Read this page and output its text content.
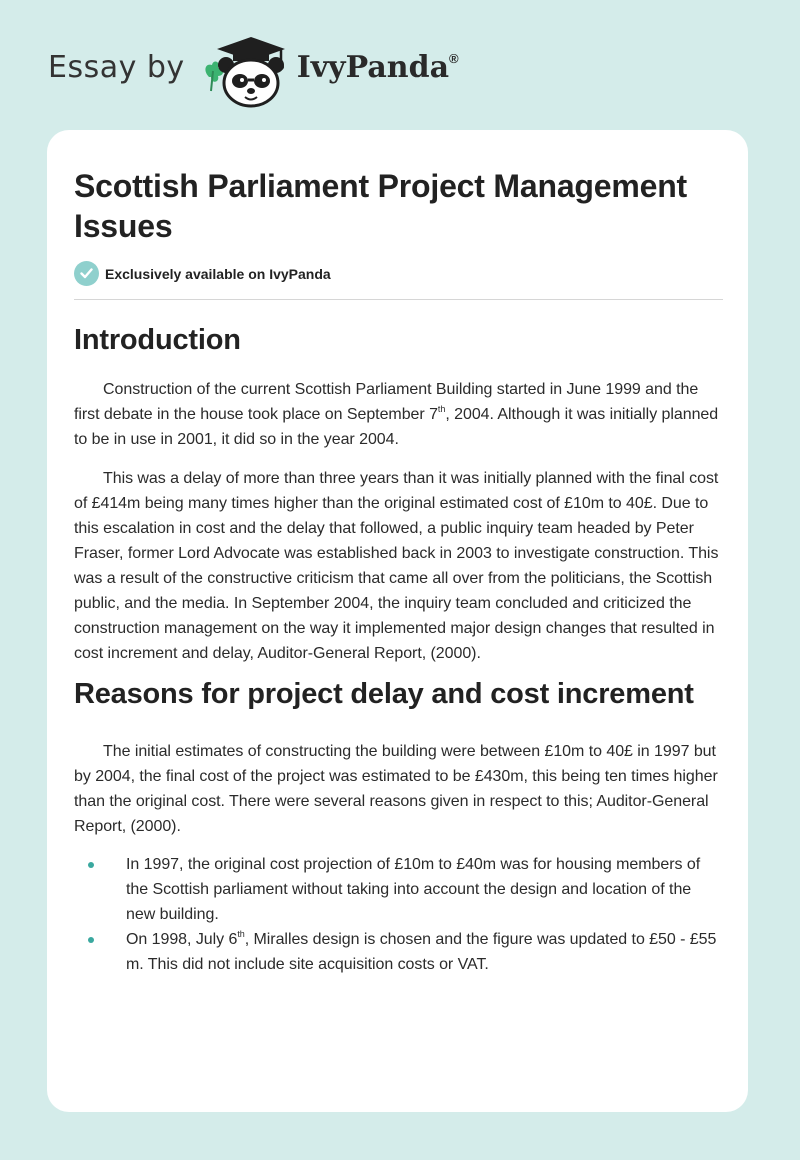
Essay by	IvyPanda®
Scottish Parliament Project Management Issues
Exclusively available on IvyPanda
Introduction

Construction of the current Scottish Parliament Building started in June 1999 and the first debate in the house took place on September 7th, 2004. Although it was initially planned to be in use in 2001, it did so in the year 2004.

This was a delay of more than three years than it was initially planned with the final cost of £414m being many times higher than the original estimated cost of £10m to 40£. Due to this escalation in cost and the delay that followed, a public inquiry team headed by Peter Fraser, former Lord Advocate was established back in 2003 to investigate construction. This was a result of the constructive criticism that came all over from the politicians, the Scottish public, and the media. In September 2004, the inquiry team concluded and criticized the construction management on the way it implemented major design changes that resulted in cost increment and delay, Auditor-General Report, (2000).

Reasons for project delay and cost increment

The initial estimates of constructing the building were between £10m to 40£ in 1997 but by 2004, the final cost of the project was estimated to be £430m, this being ten times higher than the original cost. There were several reasons given in respect to this; Auditor-General Report, (2000).

In 1997, the original cost projection of £10m to £40m was for housing members of the Scottish parliament without taking into account the design and location of the new building.
On 1998, July 6th, Miralles design is chosen and the figure was updated to £50 - £55 m. This did not include site acquisition costs or VAT.
